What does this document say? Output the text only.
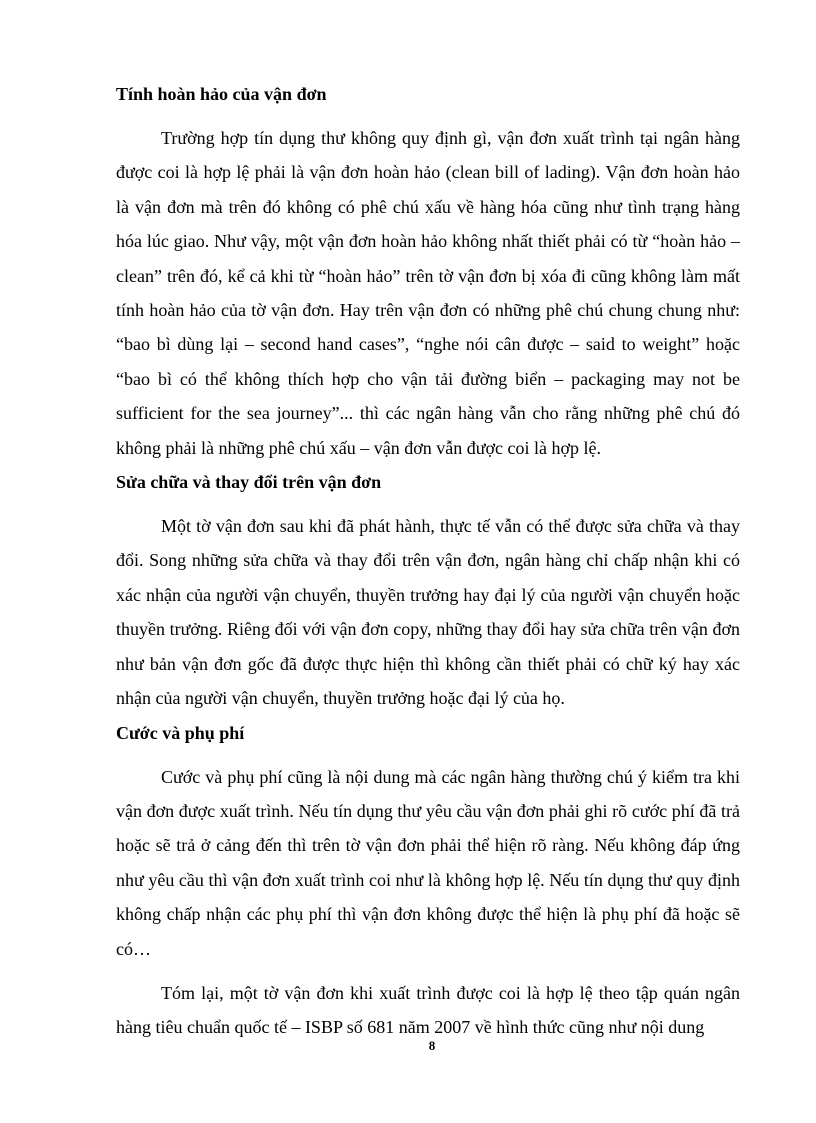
Tính hoàn hảo của vận đơn

Trường hợp tín dụng thư không quy định gì, vận đơn xuất trình tại ngân hàng được coi là hợp lệ phải là vận đơn hoàn hảo (clean bill of lading). Vận đơn hoàn hảo là vận đơn mà trên đó không có phê chú xấu về hàng hóa cũng như tình trạng hàng hóa lúc giao. Như vậy, một vận đơn hoàn hảo không nhất thiết phải có từ “hoàn hảo – clean” trên đó, kể cả khi từ “hoàn hảo” trên tờ vận đơn bị xóa đi cũng không làm mất tính hoàn hảo của tờ vận đơn. Hay trên vận đơn có những phê chú chung chung như: “bao bì dùng lại – second hand cases”, “nghe nói cân được – said to weight” hoặc “bao bì có thể không thích hợp cho vận tải đường biển – packaging may not be sufficient for the sea journey”... thì các ngân hàng vẫn cho rằng những phê chú đó không phải là những phê chú xấu – vận đơn vẫn được coi là hợp lệ.

Sửa chữa và thay đổi trên vận đơn

Một tờ vận đơn sau khi đã phát hành, thực tế vẫn có thể được sửa chữa và thay đổi. Song những sửa chữa và thay đổi trên vận đơn, ngân hàng chỉ chấp nhận khi có xác nhận của người vận chuyển, thuyền trưởng hay đại lý của người vận chuyển hoặc thuyền trưởng. Riêng đối với vận đơn copy, những thay đổi hay sửa chữa trên vận đơn như bản vận đơn gốc đã được thực hiện thì không cần thiết phải có chữ ký hay xác nhận của người vận chuyển, thuyền trưởng hoặc đại lý của họ.

Cước và phụ phí

Cước và phụ phí cũng là nội dung mà các ngân hàng thường chú ý kiểm tra khi vận đơn được xuất trình. Nếu tín dụng thư yêu cầu vận đơn phải ghi rõ cước phí đã trả hoặc sẽ trả ở cảng đến thì trên tờ vận đơn phải thể hiện rõ ràng. Nếu không đáp ứng như yêu cầu thì vận đơn xuất trình coi như là không hợp lệ. Nếu tín dụng thư quy định không chấp nhận các phụ phí thì vận đơn không được thể hiện là phụ phí đã hoặc sẽ có…

Tóm lại, một tờ vận đơn khi xuất trình được coi là hợp lệ theo tập quán ngân hàng tiêu chuẩn quốc tế – ISBP số 681 năm 2007 về hình thức cũng như nội dung

8
